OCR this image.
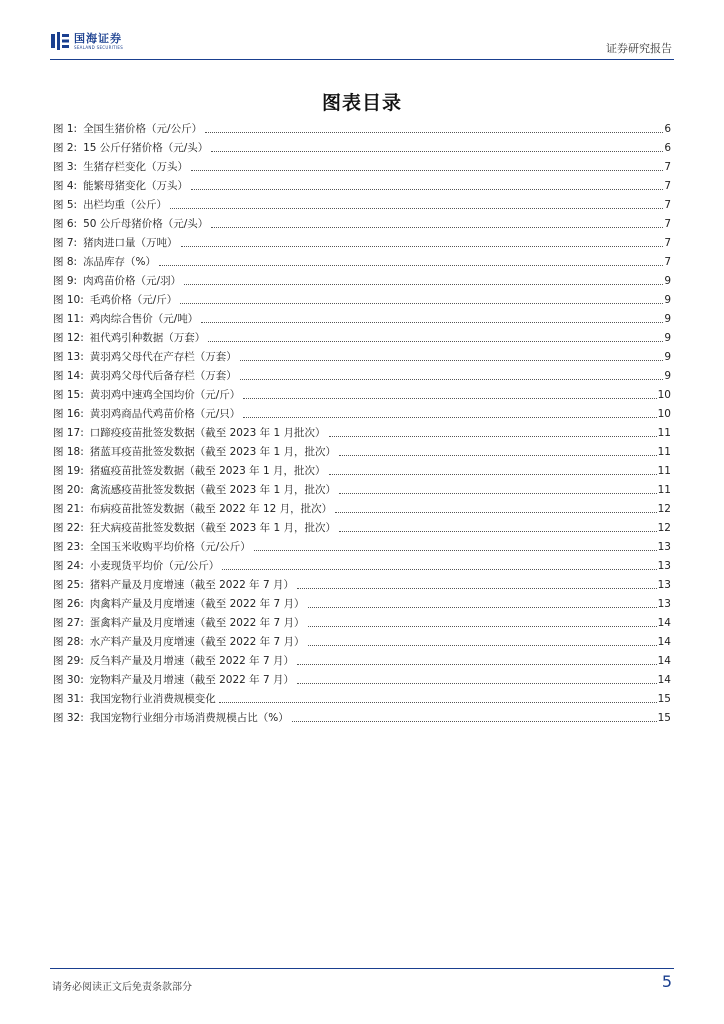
国海证券
SEALAND SECURITIES	证券研究报告
图表目录
图 1: 全国生猪价格（元/公斤）	6
图 2: 15 公斤仔猪价格（元/头）	6
图 3: 生猪存栏变化（万头）	7
图 4: 能繁母猪变化（万头）	7
图 5: 出栏均重（公斤）	7
图 6: 50 公斤母猪价格（元/头）	7
图 7: 猪肉进口量（万吨）	7
图 8: 冻品库存（%）	7
图 9: 肉鸡苗价格（元/羽）	9
图 10: 毛鸡价格（元/斤）	9
图 11: 鸡肉综合售价（元/吨）	9
图 12: 祖代鸡引种数据（万套）	9
图 13: 黄羽鸡父母代在产存栏（万套）	9
图 14: 黄羽鸡父母代后备存栏（万套）	9
图 15: 黄羽鸡中速鸡全国均价（元/斤）	10
图 16: 黄羽鸡商品代鸡苗价格（元/只）	10
图 17: 口蹄疫疫苗批签发数据（截至 2023 年 1 月批次）	11
图 18: 猪蓝耳疫苗批签发数据（截至 2023 年 1 月，批次）	11
图 19: 猪瘟疫苗批签发数据（截至 2023 年 1 月，批次）	11
图 20: 禽流感疫苗批签发数据（截至 2023 年 1 月，批次）	11
图 21: 布病疫苗批签发数据（截至 2022 年 12 月，批次）	12
图 22: 狂犬病疫苗批签发数据（截至 2023 年 1 月，批次）	12
图 23: 全国玉米收购平均价格（元/公斤）	13
图 24: 小麦现货平均价（元/公斤）	13
图 25: 猪料产量及月度增速（截至 2022 年 7 月）	13
图 26: 肉禽料产量及月度增速（截至 2022 年 7 月）	13
图 27: 蛋禽料产量及月度增速（截至 2022 年 7 月）	14
图 28: 水产料产量及月度增速（截至 2022 年 7 月）	14
图 29: 反刍料产量及月增速（截至 2022 年 7 月）	14
图 30: 宠物料产量及月增速（截至 2022 年 7 月）	14
图 31: 我国宠物行业消费规模变化	15
图 32: 我国宠物行业细分市场消费规模占比（%）	15
请务必阅读正文后免责条款部分	5
